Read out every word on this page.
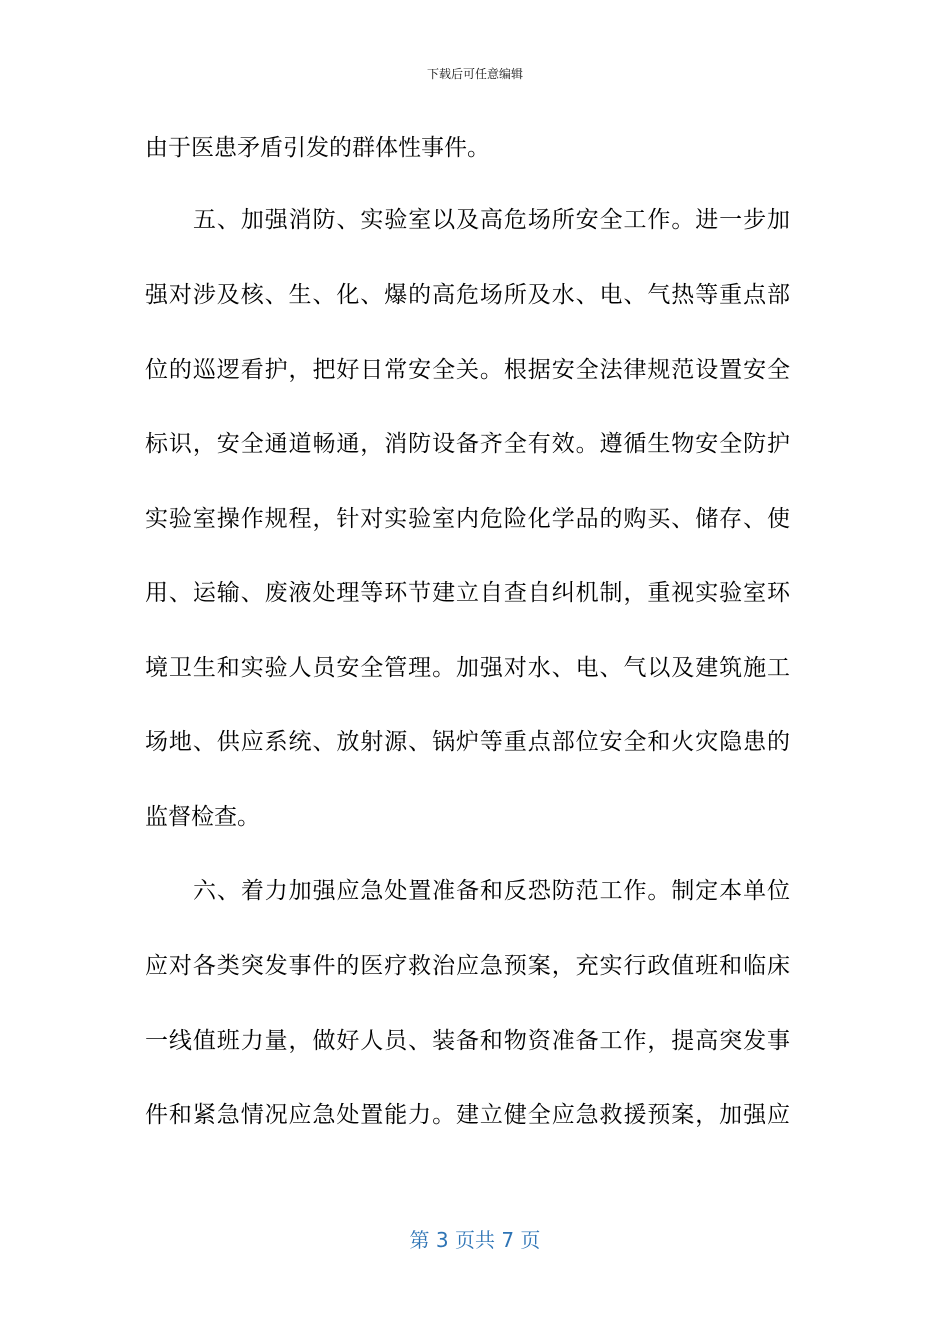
下载后可任意编辑
由于医患矛盾引发的群体性事件。
五、加强消防、实验室以及高危场所安全工作。进一步加
强对涉及核、生、化、爆的高危场所及水、电、气热等重点部
位的巡逻看护，把好日常安全关。根据安全法律规范设置安全
标识，安全通道畅通，消防设备齐全有效。遵循生物安全防护
实验室操作规程，针对实验室内危险化学品的购买、储存、使
用、运输、废液处理等环节建立自查自纠机制，重视实验室环
境卫生和实验人员安全管理。加强对水、电、气以及建筑施工
场地、供应系统、放射源、锅炉等重点部位安全和火灾隐患的
监督检查。
六、着力加强应急处置准备和反恐防范工作。制定本单位
应对各类突发事件的医疗救治应急预案，充实行政值班和临床
一线值班力量，做好人员、装备和物资准备工作，提高突发事
件和紧急情况应急处置能力。建立健全应急救援预案，加强应
第 3 页共 7 页
